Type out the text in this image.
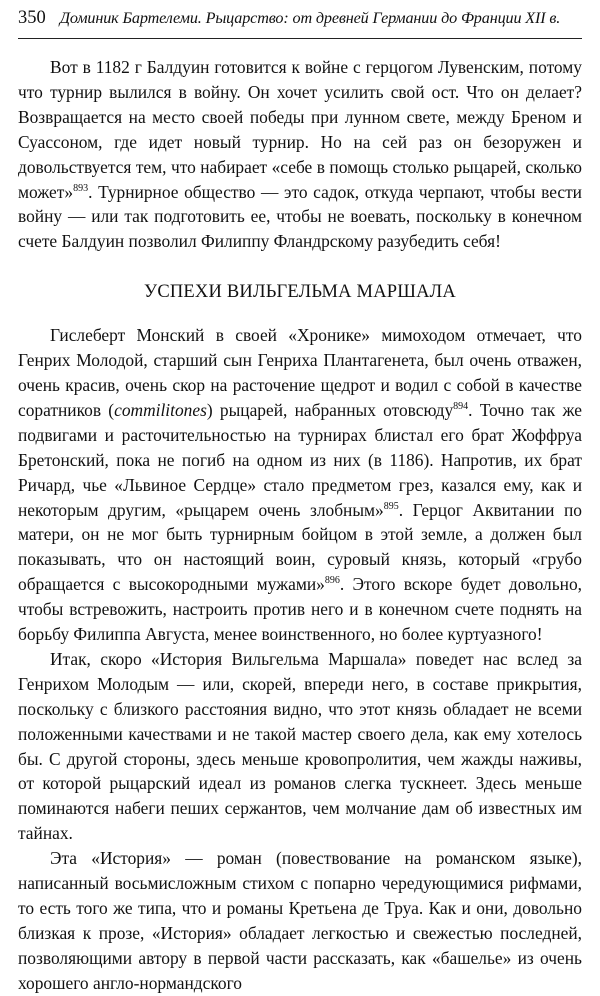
350 Доминик Бартелеми. Рыцарство: от древней Германии до Франции XII в.

Вот в 1182 г Балдуин готовится к войне с герцогом Лувенским, потому что турнир вылился в войну. Он хочет усилить свой ост. Что он делает? Возвращается на место своей победы при лунном свете, между Бреном и Суассоном, где идет новый турнир. Но на сей раз он безоружен и довольствуется тем, что набирает «себе в помощь столько рыцарей, сколько может»$^{893}$. Турнирное общество — это садок, откуда черпают, чтобы вести войну — или так подготовить ее, чтобы не воевать, поскольку в конечном счете Балдуин позволил Филиппу Фландрскому разубедить себя!

УСПЕХИ ВИЛЬГЕЛЬМА МАРШАЛА

Гислеберт Монский в своей «Хронике» мимоходом отмечает, что Генрих Молодой, старший сын Генриха Плантагенета, был очень отважен, очень красив, очень скор на расточение щедрот и водил с собой в качестве соратников (commilitones) рыцарей, набранных отовсюду$^{894}$. Точно так же подвигами и расточительностью на турнирах блистал его брат Жоффруа Бретонский, пока не погиб на одном из них (в 1186). Напротив, их брат Ричард, чье «Львиное Сердце» стало предметом грез, казался ему, как и некоторым другим, «рыцарем очень злобным»$^{895}$. Герцог Аквитании по матери, он не мог быть турнирным бойцом в этой земле, а должен был показывать, что он настоящий воин, суровый князь, который «грубо обращается с высокородными мужами»$^{896}$. Этого вскоре будет довольно, чтобы встревожить, настроить против него и в конечном счете поднять на борьбу Филиппа Августа, менее воинственного, но более куртуазного!

Итак, скоро «История Вильгельма Маршала» поведет нас вслед за Генрихом Молодым — или, скорей, впереди него, в составе прикрытия, поскольку с близкого расстояния видно, что этот князь обладает не всеми положенными качествами и не такой мастер своего дела, как ему хотелось бы. С другой стороны, здесь меньше кровопролития, чем жажды наживы, от которой рыцарский идеал из романов слегка тускнеет. Здесь меньше поминаются набеги пеших сержантов, чем молчание дам об известных им тайнах.

Эта «История» — роман (повествование на романском языке), написанный восьмисложным стихом с попарно чередующимися рифмами, то есть того же типа, что и романы Кретьена де Труа. Как и они, довольно близкая к прозе, «История» обладает легкостью и свежестью последней, позволяющими автору в первой части рассказать, как «башелье» из очень хорошего англо-нормандского
